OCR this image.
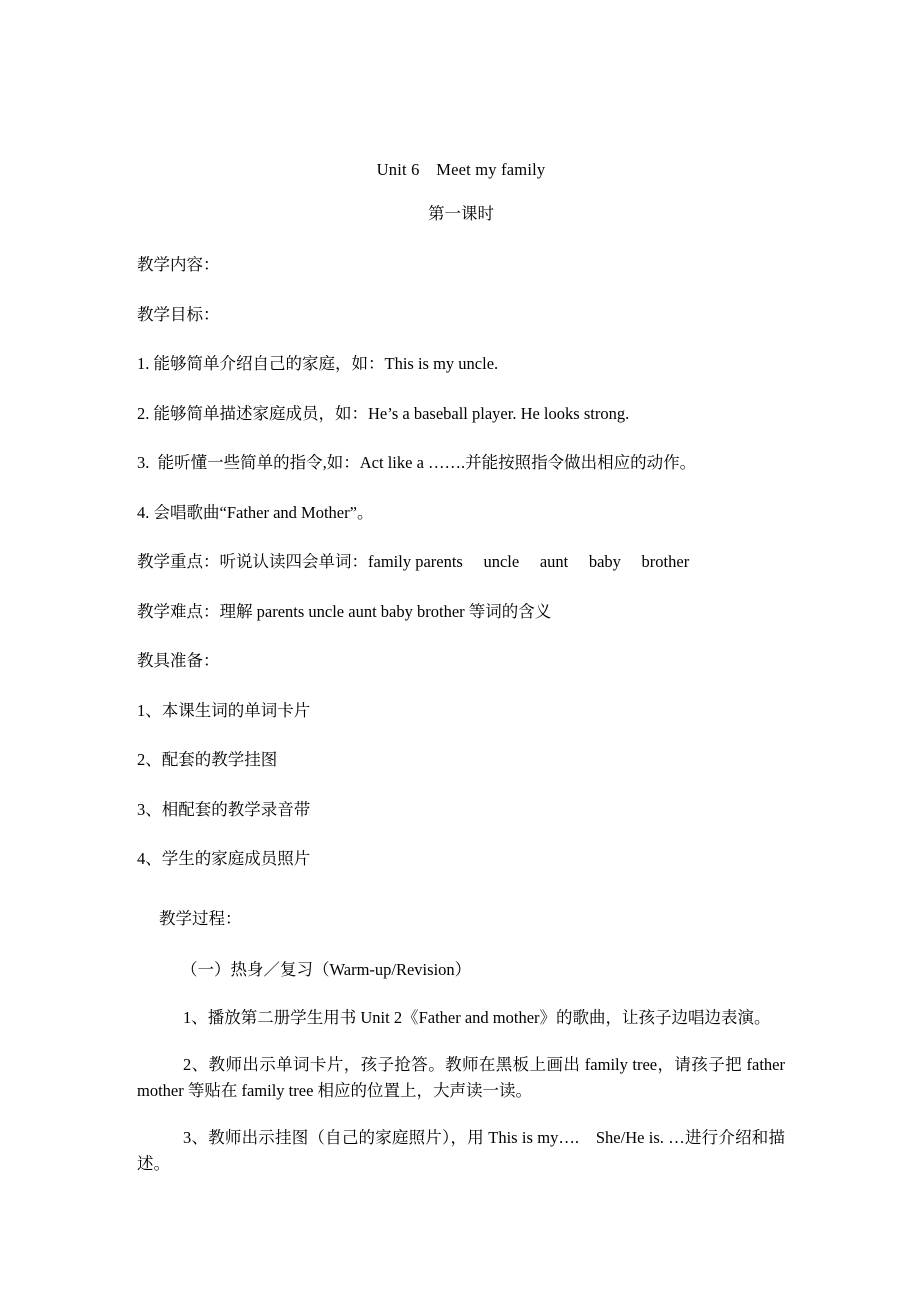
Unit 6　Meet my family
第一课时

教学内容：

教学目标：

1. 能够简单介绍自己的家庭，如：This is my uncle.

2. 能够简单描述家庭成员，如：He’s a baseball player. He looks strong.

3.  能听懂一些简单的指令,如：Act like a …….并能按照指令做出相应的动作。

4. 会唱歌曲“Father and Mother”。

教学重点：听说认读四会单词：family parents　 uncle　 aunt　 baby　 brother

教学难点：理解 parents uncle aunt baby brother 等词的含义

教具准备：

1、本课生词的单词卡片

2、配套的教学挂图

3、相配套的教学录音带

4、学生的家庭成员照片

教学过程：

（一）热身／复习（Warm-up/Revision）

1、播放第二册学生用书 Unit 2《Father and mother》的歌曲，让孩子边唱边表演。

2、教师出示单词卡片，孩子抢答。教师在黑板上画出 family tree，请孩子把 father mother 等贴在 family tree 相应的位置上，大声读一读。

3、教师出示挂图（自己的家庭照片），用 This is my….　She/He is. …进行介绍和描述。
